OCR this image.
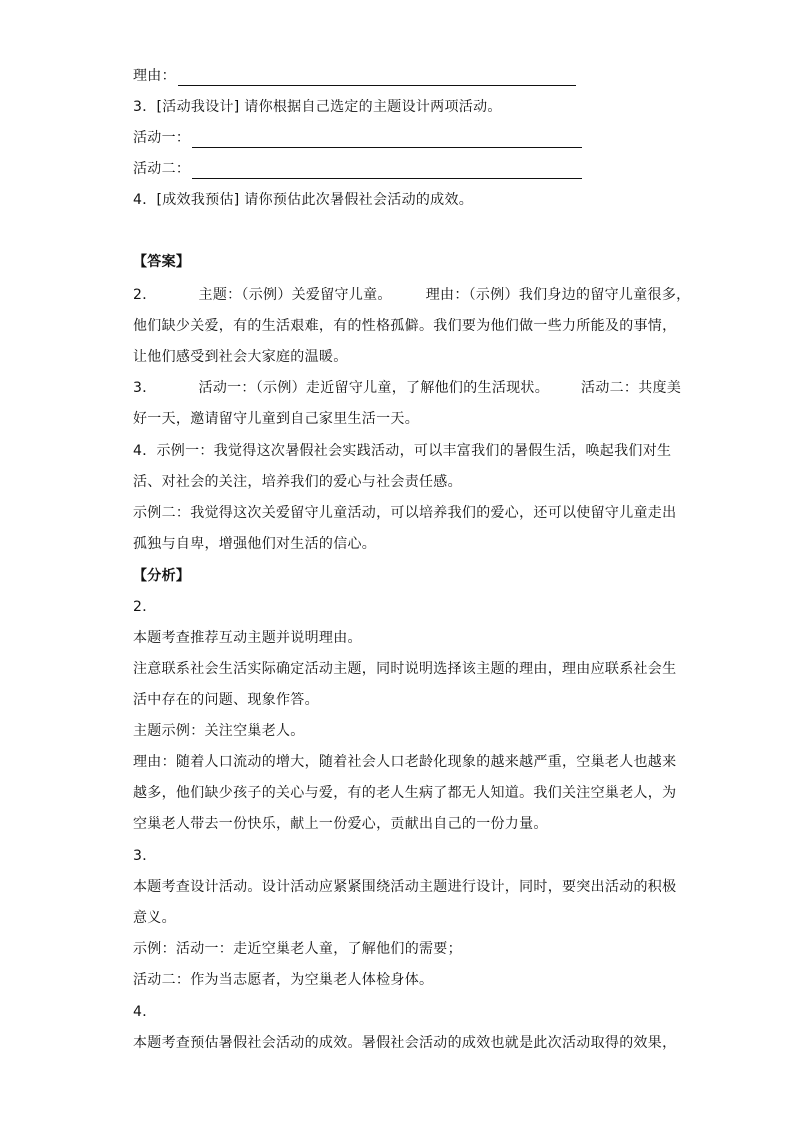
理由：
3．[活动我设计] 请你根据自己选定的主题设计两项活动。
活动一：
活动二：
4．[成效我预估] 请你预估此次暑假社会活动的成效。
【答案】
2．	主题：（示例）关爱留守儿童。 理由：（示例）我们身边的留守儿童很多，
他们缺少关爱，有的生活艰难，有的性格孤僻。我们要为他们做一些力所能及的事情，
让他们感受到社会大家庭的温暖。
3．	活动一：（示例）走近留守儿童，了解他们的生活现状。 活动二：共度美
好一天，邀请留守儿童到自己家里生活一天。
4．示例一：我觉得这次暑假社会实践活动，可以丰富我们的暑假生活，唤起我们对生
活、对社会的关注，培养我们的爱心与社会责任感。
示例二：我觉得这次关爱留守儿童活动，可以培养我们的爱心，还可以使留守儿童走出
孤独与自卑，增强他们对生活的信心。
【分析】
2．
本题考查推荐互动主题并说明理由。
注意联系社会生活实际确定活动主题，同时说明选择该主题的理由，理由应联系社会生
活中存在的问题、现象作答。
主题示例：关注空巢老人。
理由：随着人口流动的增大，随着社会人口老龄化现象的越来越严重，空巢老人也越来
越多，他们缺少孩子的关心与爱，有的老人生病了都无人知道。我们关注空巢老人，为
空巢老人带去一份快乐，献上一份爱心，贡献出自己的一份力量。
3．
本题考查设计活动。设计活动应紧紧围绕活动主题进行设计，同时，要突出活动的积极
意义。
示例：活动一：走近空巢老人童，了解他们的需要；
活动二：作为当志愿者，为空巢老人体检身体。
4．
本题考查预估暑假社会活动的成效。暑假社会活动的成效也就是此次活动取得的效果，
